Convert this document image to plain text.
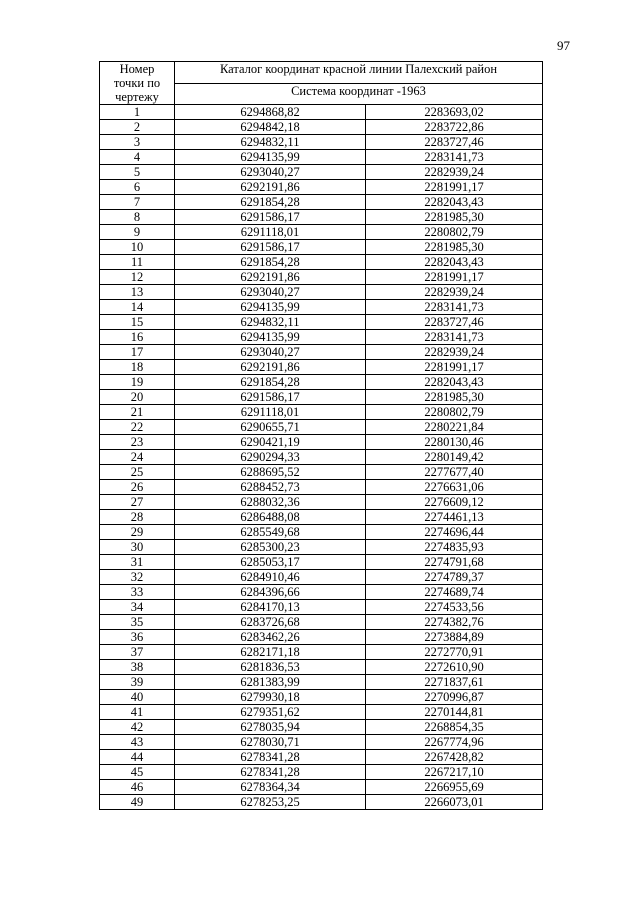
97
Номер
точки по
чертежу	Каталог координат красной линии Палехский район	
	Система координат -1963	
1	6294868,82	2283693,02
2	6294842,18	2283722,86
3	6294832,11	2283727,46
4	6294135,99	2283141,73
5	6293040,27	2282939,24
6	6292191,86	2281991,17
7	6291854,28	2282043,43
8	6291586,17	2281985,30
9	6291118,01	2280802,79
10	6291586,17	2281985,30
11	6291854,28	2282043,43
12	6292191,86	2281991,17
13	6293040,27	2282939,24
14	6294135,99	2283141,73
15	6294832,11	2283727,46
16	6294135,99	2283141,73
17	6293040,27	2282939,24
18	6292191,86	2281991,17
19	6291854,28	2282043,43
20	6291586,17	2281985,30
21	6291118,01	2280802,79
22	6290655,71	2280221,84
23	6290421,19	2280130,46
24	6290294,33	2280149,42
25	6288695,52	2277677,40
26	6288452,73	2276631,06
27	6288032,36	2276609,12
28	6286488,08	2274461,13
29	6285549,68	2274696,44
30	6285300,23	2274835,93
31	6285053,17	2274791,68
32	6284910,46	2274789,37
33	6284396,66	2274689,74
34	6284170,13	2274533,56
35	6283726,68	2274382,76
36	6283462,26	2273884,89
37	6282171,18	2272770,91
38	6281836,53	2272610,90
39	6281383,99	2271837,61
40	6279930,18	2270996,87
41	6279351,62	2270144,81
42	6278035,94	2268854,35
43	6278030,71	2267774,96
44	6278341,28	2267428,82
45	6278341,28	2267217,10
46	6278364,34	2266955,69
49	6278253,25	2266073,01
